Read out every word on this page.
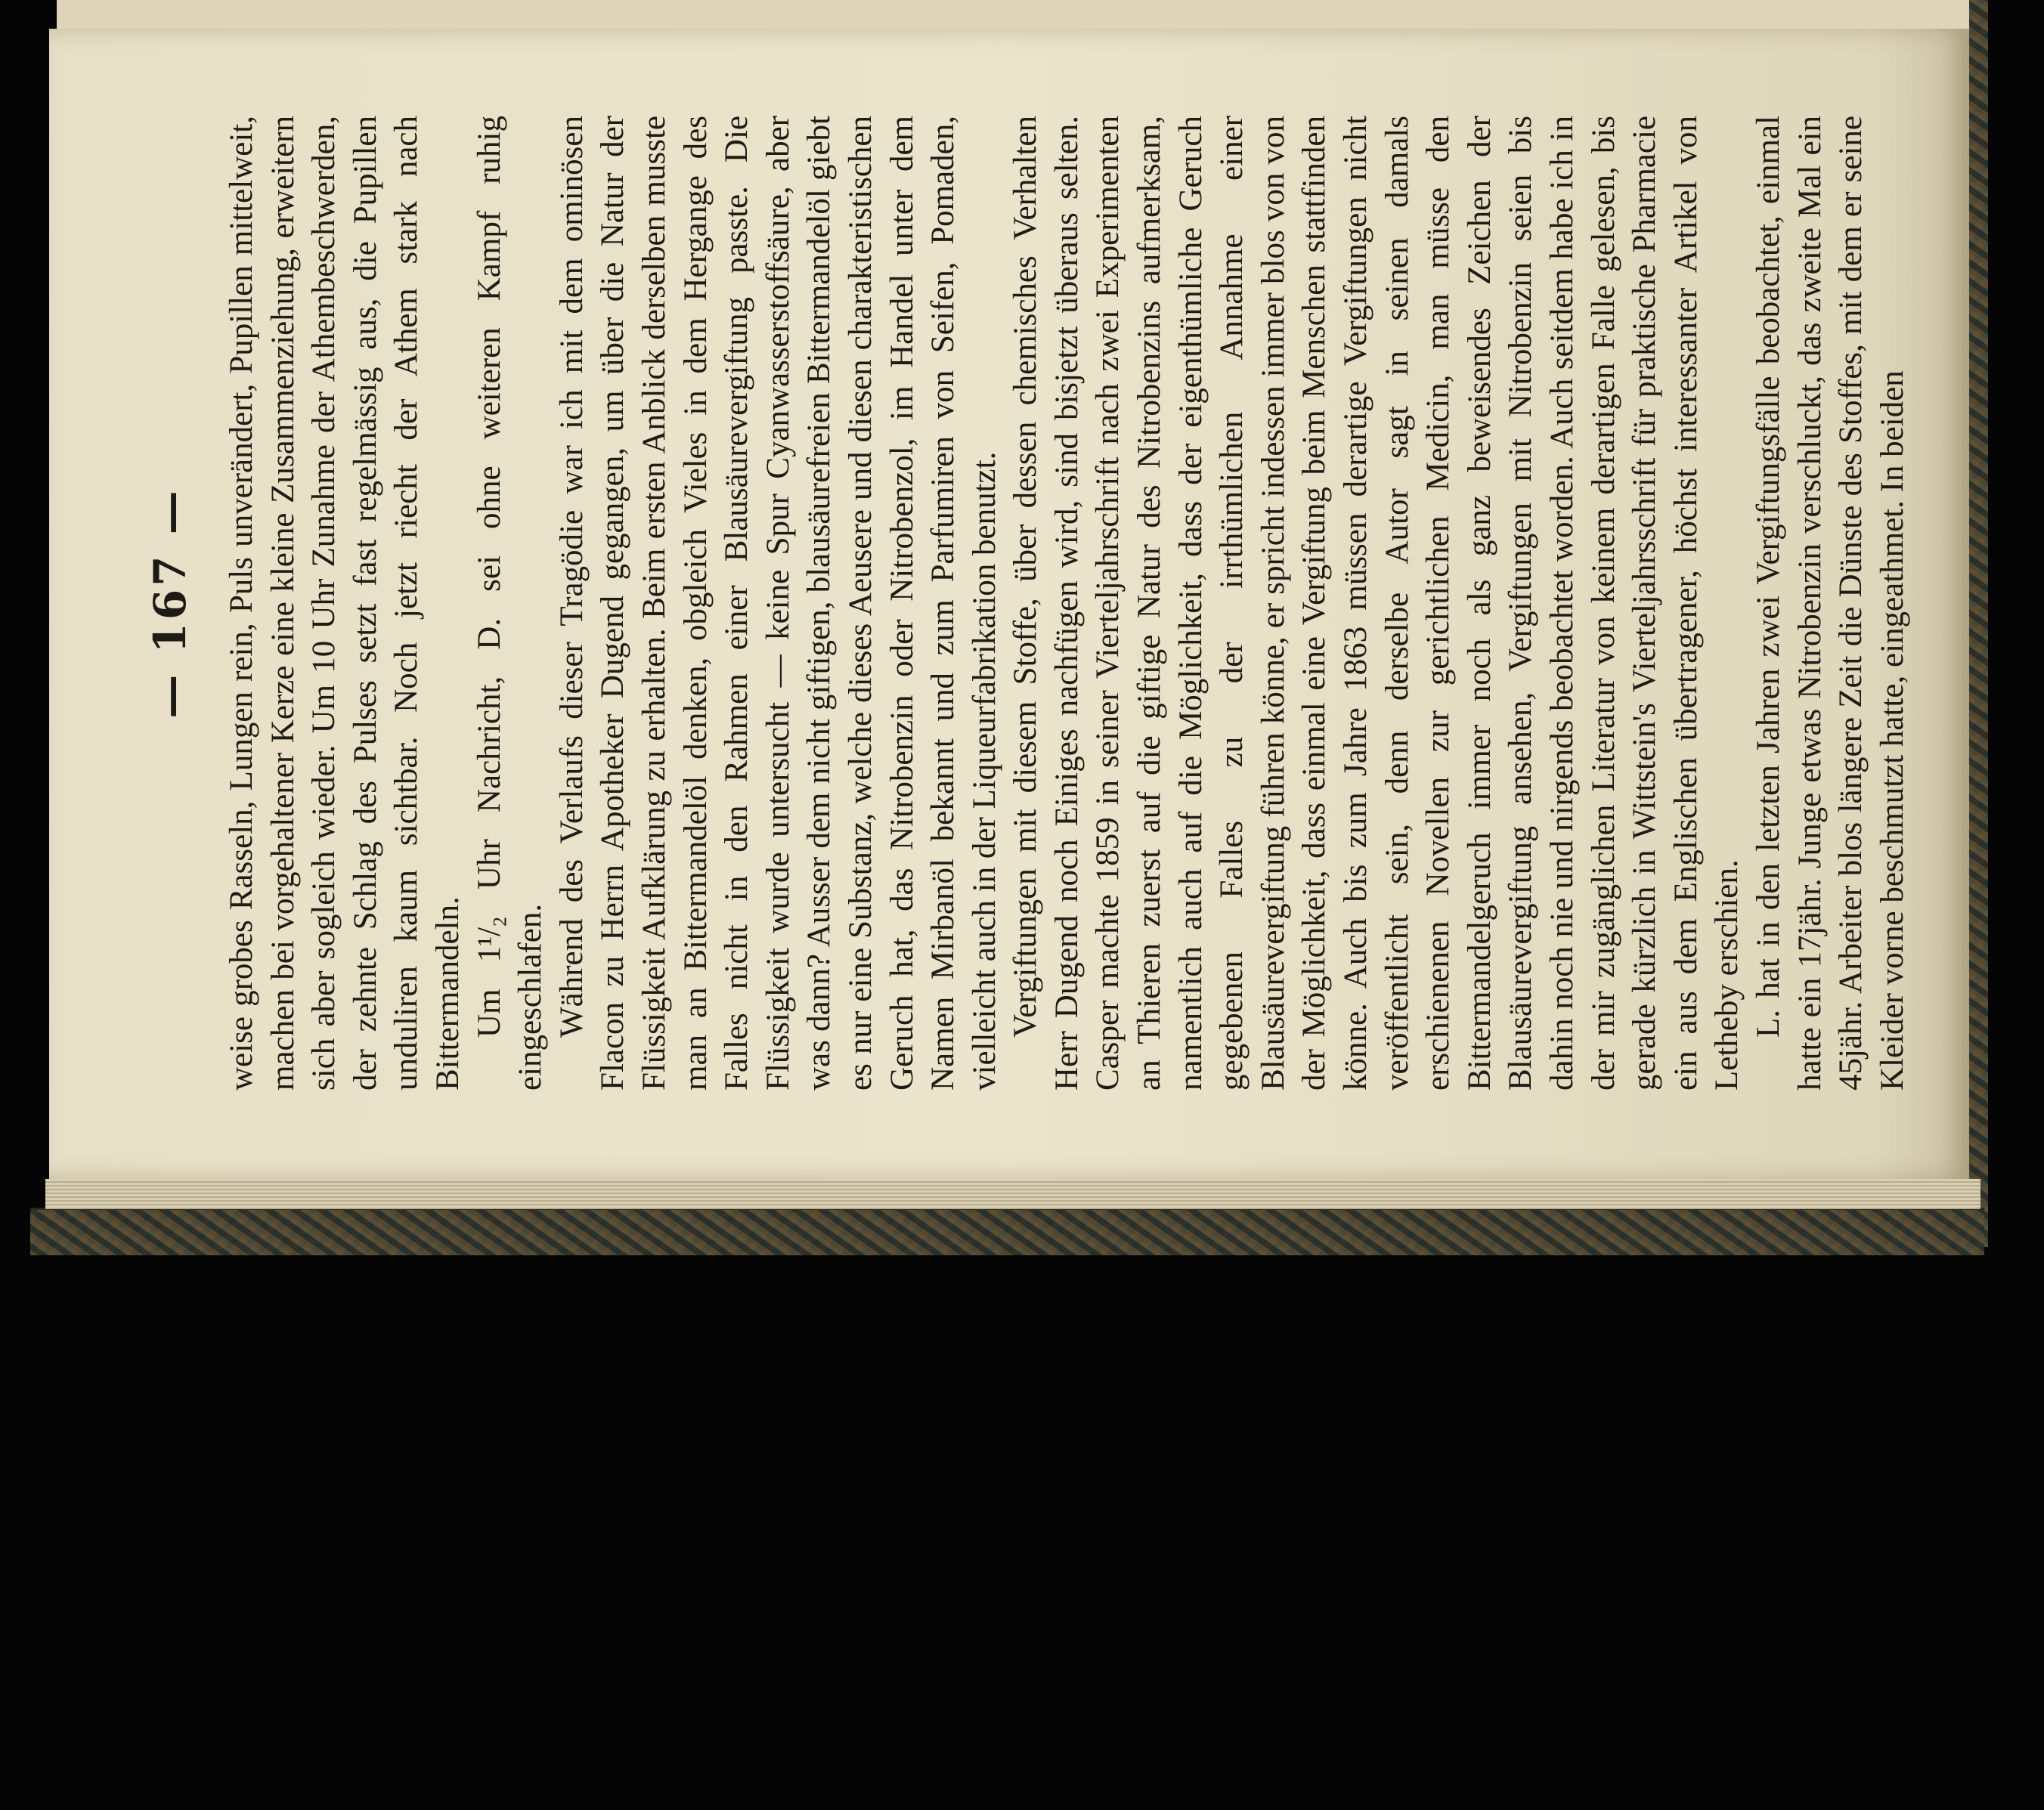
— 167 — weise grobes Rasseln, Lungen rein, Puls unverändert, Pupillen mittelweit, machen bei vorgehaltener Kerze eine kleine Zusammenziehung, erweitern sich aber sogleich wieder. Um 10 Uhr Zunahme der Athembeschwerden, der zehnte Schlag des Pulses setzt fast regelmässig aus, die Pupillen unduliren kaum sichtbar. Noch jetzt riecht der Athem stark nach Bittermandeln. Um 1¹/₂ Uhr Nachricht, D. sei ohne weiteren Kampf ruhig eingeschlafen. Während des Verlaufs dieser Tragödie war ich mit dem ominösen Flacon zu Herrn Apotheker Dugend gegangen, um über die Natur der Flüssigkeit Aufklärung zu erhalten. Beim ersten Anblick derselben musste man an Bittermandelöl denken, obgleich Vieles in dem Hergange des Falles nicht in den Rahmen einer Blausäurevergiftung passte. Die Flüssigkeit wurde untersucht — keine Spur Cyanwasserstoffsäure, aber was dann? Ausser dem nicht giftigen, blausäurefreien Bittermandelöl giebt es nur eine Substanz, welche dieses Aeusere und diesen charakteristischen Geruch hat, das Nitrobenzin oder Nitrobenzol, im Handel unter dem Namen Mirbanöl bekannt und zum Parfumiren von Seifen, Pomaden, vielleicht auch in der Liqueurfabrikation benutzt. Vergiftungen mit diesem Stoffe, über dessen chemisches Verhalten Herr Dugend noch Einiges nachfügen wird, sind bisjetzt überaus selten. Casper machte 1859 in seiner Vierteljahrschrift nach zwei Experimenten an Thieren zuerst auf die giftige Natur des Nitrobenzins aufmerksam, namentlich auch auf die Möglichkeit, dass der eigenthümliche Geruch gegebenen Falles zu der irrthümlichen Annahme einer Blausäurevergiftung führen könne, er spricht indessen immer blos von von der Möglichkeit, dass einmal eine Vergiftung beim Menschen stattfinden könne. Auch bis zum Jahre 1863 müssen derartige Vergiftungen nicht veröffentlicht sein, denn derselbe Autor sagt in seinen damals erschienenen Novellen zur gerichtlichen Medicin, man müsse den Bittermandelgeruch immer noch als ganz beweisendes Zeichen der Blausäurevergiftung ansehen, Vergiftungen mit Nitrobenzin seien bis dahin noch nie und nirgends beobachtet worden. Auch seitdem habe ich in der mir zugänglichen Literatur von keinem derartigen Falle gelesen, bis gerade kürzlich in Wittstein's Vierteljahrsschrift für praktische Pharmacie ein aus dem Englischen übertragener, höchst interessanter Artikel von Letheby erschien. L. hat in den letzten Jahren zwei Vergiftungsfälle beobachtet, einmal hatte ein 17jähr. Junge etwas Nitrobenzin verschluckt, das zweite Mal ein 45jähr. Arbeiter blos längere Zeit die Dünste des Stoffes, mit dem er seine Kleider vorne beschmutzt hatte, eingeathmet. In beiden
